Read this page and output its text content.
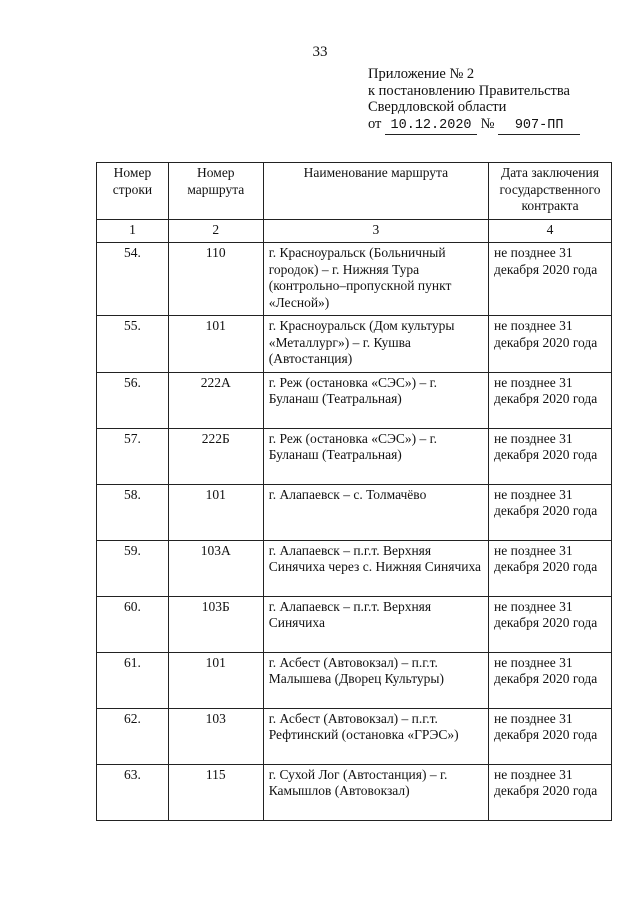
33
Приложение № 2
к постановлению Правительства
Свердловской области
от 10.12.2020 № 907-ПП
Номер строки	Номер маршрута	Наименование маршрута	Дата заключения государственного контракта
1	2	3	4
54.	110	г. Красноуральск (Больничный городок) – г. Нижняя Тура (контрольно–пропускной пункт «Лесной»)	не позднее 31 декабря 2020 года
55.	101	г. Красноуральск (Дом культуры «Металлург») – г. Кушва (Автостанция)	не позднее 31 декабря 2020 года
56.	222А	г. Реж (остановка «СЭС») – г. Буланаш (Театральная)	не позднее 31 декабря 2020 года
57.	222Б	г. Реж (остановка «СЭС») – г. Буланаш (Театральная)	не позднее 31 декабря 2020 года
58.	101	г. Алапаевск – с. Толмачёво	не позднее 31 декабря 2020 года
59.	103А	г. Алапаевск – п.г.т. Верхняя Синячиха через с. Нижняя Синячиха	не позднее 31 декабря 2020 года
60.	103Б	г. Алапаевск – п.г.т. Верхняя Синячиха	не позднее 31 декабря 2020 года
61.	101	г. Асбест (Автовокзал) – п.г.т. Малышева (Дворец Культуры)	не позднее 31 декабря 2020 года
62.	103	г. Асбест (Автовокзал) – п.г.т. Рефтинский (остановка «ГРЭС»)	не позднее 31 декабря 2020 года
63.	115	г. Сухой Лог (Автостанция) – г. Камышлов (Автовокзал)	не позднее 31 декабря 2020 года
